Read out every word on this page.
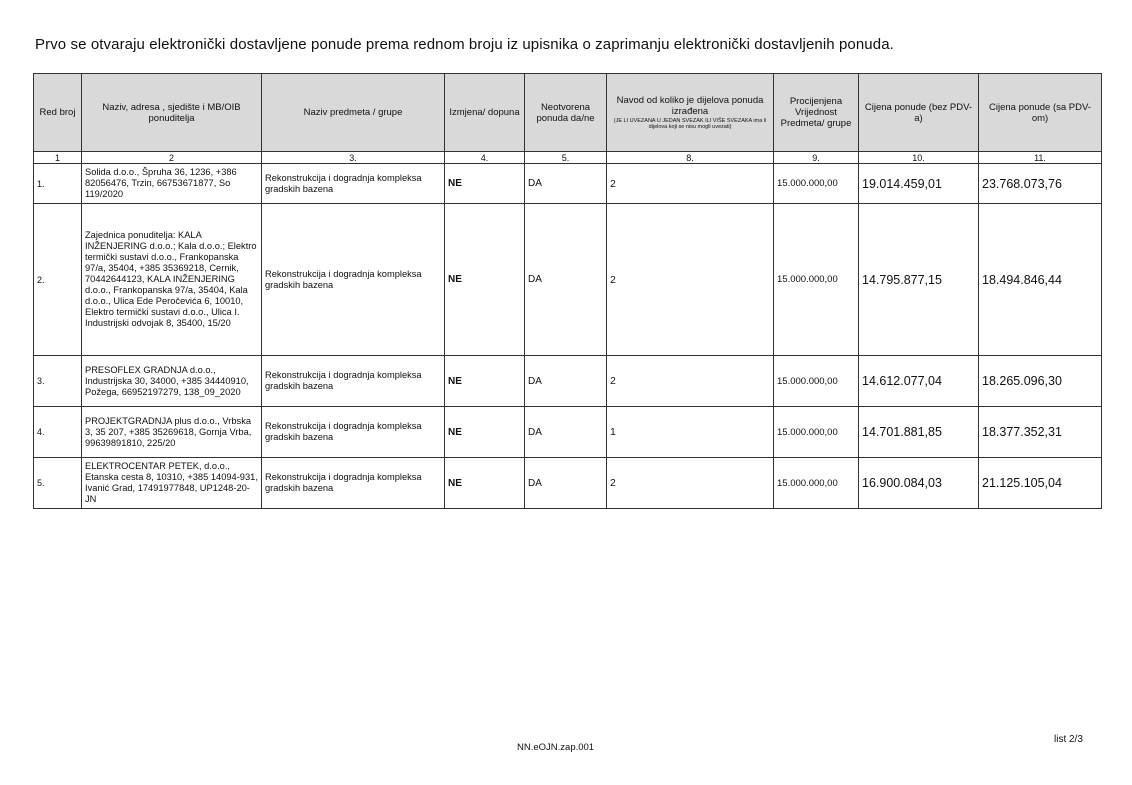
Prvo se otvaraju elektronički dostavljene ponude prema rednom broju iz upisnika o zaprimanju elektronički dostavljenih ponuda.
Red broj	Naziv, adresa , sjedište i MB/OIB ponuditelja	Naziv predmeta / grupe	Izmjena/ dopuna	Neotvorena ponuda da/ne	Navod od koliko je dijelova ponuda izrađena
(JE LI UVEZANA U JEDAN SVEZAK ILI VIŠE SVEZAKA ima li dijelova koji se nisu mogli uvezati)	Procijenjena Vrijednost Predmeta/ grupe	Cijena ponude (bez PDV-a)	Cijena ponude (sa PDV-om)
1	2	3.	4.	5.	8.	9.	10.	11.
1.	Solida d.o.o., Špruha 36, 1236, +386 82056476, Trzin, 66753671877, So 119/2020	Rekonstrukcija i dogradnja kompleksa gradskih bazena	NE	DA	2	15.000.000,00	19.014.459,01	23.768.073,76
2.	Zajednica ponuditelja: KALA INŽENJERING d.o.o.; Kala d.o.o.; Elektro termički sustavi d.o.o., Frankopanska 97/a, 35404, +385 35369218, Cernik, 70442644123, KALA INŽENJERING d.o.o., Frankopanska 97/a, 35404, Kala d.o.o., Ulica Ede Peročevića 6, 10010, Elektro termički sustavi d.o.o., Ulica I. Industrijski odvojak 8, 35400, 15/20	Rekonstrukcija i dogradnja kompleksa gradskih bazena	NE	DA	2	15.000.000,00	14.795.877,15	18.494.846,44
3.	PRESOFLEX GRADNJA d.o.o., Industrijska 30, 34000, +385 34440910, Požega, 66952197279, 138_09_2020	Rekonstrukcija i dogradnja kompleksa gradskih bazena	NE	DA	2	15.000.000,00	14.612.077,04	18.265.096,30
4.	PROJEKTGRADNJA plus d.o.o., Vrbska 3, 35 207, +385 35269618, Gornja Vrba, 99639891810, 225/20	Rekonstrukcija i dogradnja kompleksa gradskih bazena	NE	DA	1	15.000.000,00	14.701.881,85	18.377.352,31
5.	ELEKTROCENTAR PETEK, d.o.o., Etanska cesta 8, 10310, +385 14094-931, Ivanić Grad, 17491977848, UP1248-20-JN	Rekonstrukcija i dogradnja kompleksa gradskih bazena	NE	DA	2	15.000.000,00	16.900.084,03	21.125.105,04
NN.eOJN.zap.001
list 2/3
